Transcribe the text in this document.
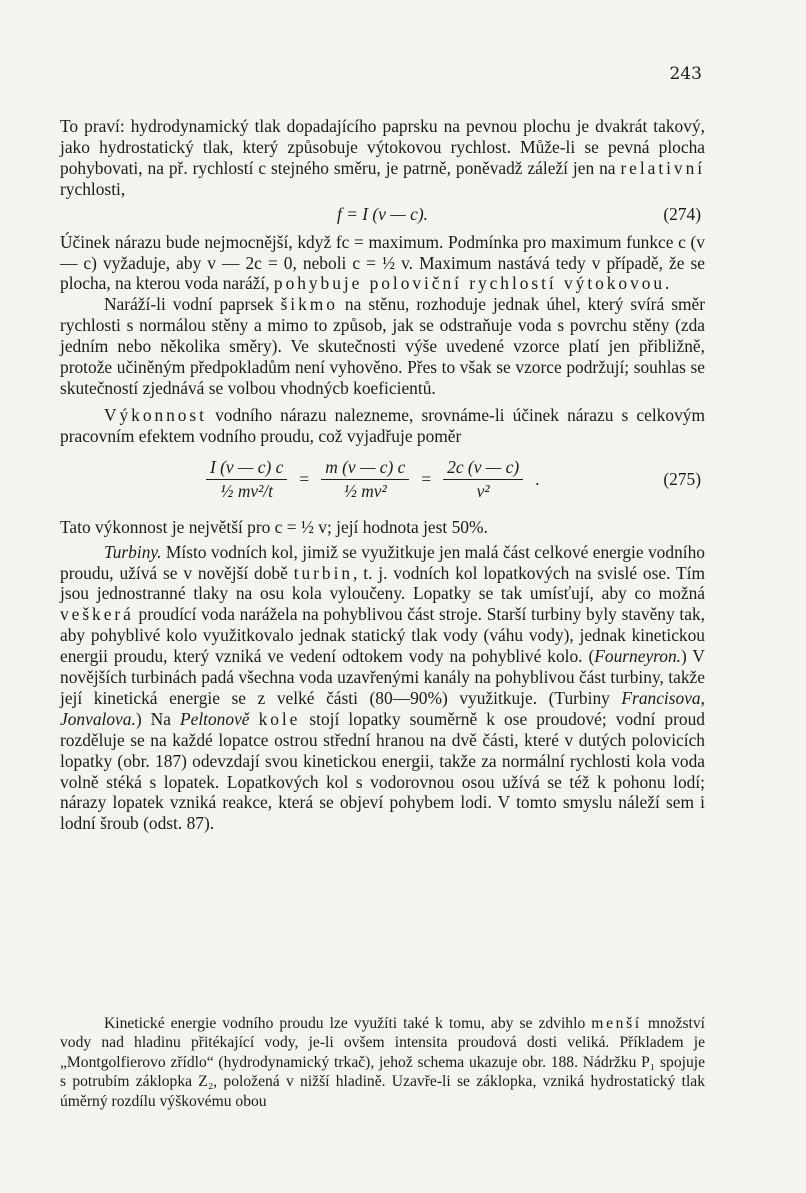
243

To praví: hydrodynamický tlak dopadajícího paprsku na pevnou plochu je dvakrát takový, jako hydrostatický tlak, který způsobuje výtokovou rychlost. Může-li se pevná plocha pohybovati, na př. rychlostí c stejného směru, je patrně, poněvadž záleží jen na relativní rychlosti,

f = I (v — c).	(274)

Účinek nárazu bude nejmocnější, když fc = maximum. Podmínka pro maximum funkce c (v — c) vyžaduje, aby v — 2c = 0, neboli c = ½ v. Maximum nastává tedy v případě, že se plocha, na kterou voda naráží, pohybuje poloviční rychlostí výtokovou.

Naráží-li vodní paprsek šikmo na stěnu, rozhoduje jednak úhel, který svírá směr rychlosti s normálou stěny a mimo to způsob, jak se odstraňuje voda s povrchu stěny (zda jedním nebo několika směry). Ve skutečnosti výše uvedené vzorce platí jen přibližně, protože učiněným předpokladům není vyhověno. Přes to však se vzorce podržují; souhlas se skutečností zjednává se volbou vhodnýcb koeficientů.

Výkonnost vodního nárazu nalezneme, srovnáme-li účinek nárazu s celkovým pracovním efektem vodního proudu, což vyjadřuje poměr

$\frac{I (v — c) c}{\text{½ mv²/t}} = \frac{m (v — c) c}{\text{½ mv²}} = \frac{2c (v — c)}{\text{v²}}$ .	(275)

Tato výkonnost je největší pro c = ½ v; její hodnota jest 50%.

Turbiny. Místo vodních kol, jimiž se využitkuje jen malá část celkové energie vodního proudu, užívá se v novější době turbin, t. j. vodních kol lopatkových na svislé ose. Tím jsou jednostranné tlaky na osu kola vyloučeny. Lopatky se tak umísťují, aby co možná veškerá proudící voda narážela na pohyblivou část stroje. Starší turbiny byly stavěny tak, aby pohyblivé kolo využitkovalo jednak statický tlak vody (váhu vody), jednak kinetickou energii proudu, který vzniká ve vedení odtokem vody na pohyblivé kolo. (Fourneyron.) V novějších turbinách padá všechna voda uzavřenými kanály na pohyblivou část turbiny, takže její kinetická energie se z velké části (80—90%) využitkuje. (Turbiny Francisova, Jonvalova.) Na Peltonově kole stojí lopatky souměrně k ose proudové; vodní proud rozděluje se na každé lopatce ostrou střední hranou na dvě části, které v dutých polovicích lopatky (obr. 187) odevzdají svou kinetickou energii, takže za normální rychlosti kola voda volně stéká s lopatek. Lopatkových kol s vodorovnou osou užívá se též k pohonu lodí; nárazy lopatek vzniká reakce, která se objeví pohybem lodi. V tomto smyslu náleží sem i lodní šroub (odst. 87).

Kinetické energie vodního proudu lze využíti také k tomu, aby se zdvihlo menší množství vody nad hladinu přitékající vody, je-li ovšem intensita proudová dosti veliká. Příkladem je „Montgolfierovo zřídlo“ (hydrodynamický trkač), jehož schema ukazuje obr. 188. Nádržku P₁ spojuje s potrubím záklopka Z₂, položená v nižší hladině. Uzavře-li se záklopka, vzniká hydrostatický tlak úměrný rozdílu výškovému obou
